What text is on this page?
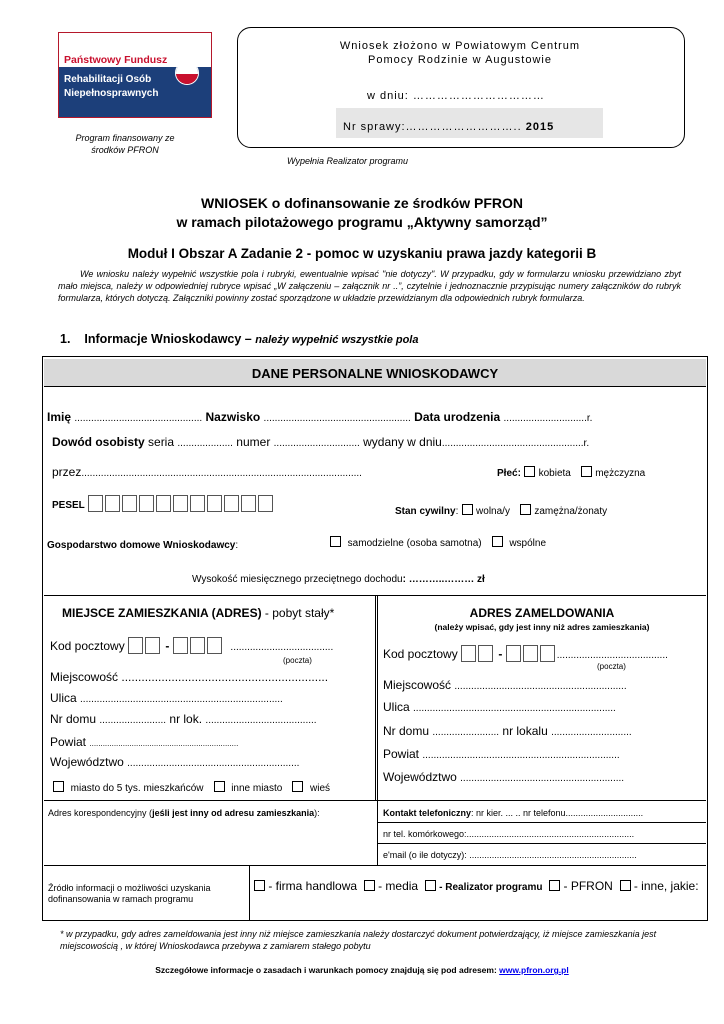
Państwowy Fundusz
Rehabilitacji Osób
Niepełnosprawnych
Program finansowany ze środków PFRON
Wniosek złożono w Powiatowym Centrum
Pomocy Rodzinie w Augustowie
w dniu: ……………………………
Nr sprawy:……………………….. 2015
Wypełnia Realizator programu
WNIOSEK o dofinansowanie ze środków PFRON
w ramach pilotażowego programu „Aktywny samorząd”
Moduł I Obszar A Zadanie 2 - pomoc w uzyskaniu prawa jazdy kategorii B
We wniosku należy wypełnić wszystkie pola i rubryki, ewentualnie wpisać "nie dotyczy". W przypadku, gdy w formularzu wniosku przewidziano zbyt mało miejsca, należy w odpowiedniej rubryce wpisać „W załączeniu – załącznik nr ..”, czytelnie i jednoznacznie przypisując numery załączników do rubryk formularza, których dotyczą. Załączniki powinny zostać sporządzone w układzie przewidzianym dla odpowiednich rubryk formularza.
1. Informacje Wnioskodawcy – należy wypełnić wszystkie pola
DANE PERSONALNE WNIOSKODAWCY
Imię .............................................. Nazwisko ..................................................... Data urodzenia ..............................r.
Dowód osobisty seria .................... numer ............................... wydany w dniu...................................................r.
przez.....................................................................................................	Płeć: kobieta mężczyzna
PESEL
Stan cywilny: wolna/y zamężna/żonaty
Gospodarstwo domowe Wnioskodawcy:	samodzielne (osoba samotna)	wspólne
Wysokość miesięcznego przeciętnego dochodu: ………..……… zł
MIEJSCE ZAMIESZKANIA (ADRES) - pobyt stały*
Kod pocztowy	-	.....................................
(poczta)
Miejscowość ..............................................................
Ulica .........................................................................
Nr domu ........................ nr lok. ........................................
Powiat ...................................................................
Województwo ..............................................................
miasto do 5 tys. mieszkańców	inne miasto	wieś
ADRES ZAMELDOWANIA
(należy wpisać, gdy jest inny niż adres zamieszkania)
Kod pocztowy	-	........................................
(poczta)
Miejscowość ..............................................................
Ulica .........................................................................
Nr domu ........................ nr lokalu .............................
Powiat .......................................................................
Województwo ...........................................................
Adres korespondencyjny (jeśli jest inny od adresu zamieszkania):	Kontakt telefoniczny: nr kier. ... .. nr telefonu...............................
nr tel. komórkowego:...................................................................
e'mail (o ile dotyczy): ...................................................................
Źródło informacji o możliwości uzyskania dofinansowania w ramach programu
- firma handlowa - media - Realizator programu - PFRON - inne, jakie:
* w przypadku, gdy adres zameldowania jest inny niż miejsce zamieszkania należy dostarczyć dokument potwierdzający, iż miejsce zamieszkania jest miejscowością , w której Wnioskodawca przebywa z zamiarem stałego pobytu
Szczegółowe informacje o zasadach i warunkach pomocy znajdują się pod adresem: www.pfron.org.pl
